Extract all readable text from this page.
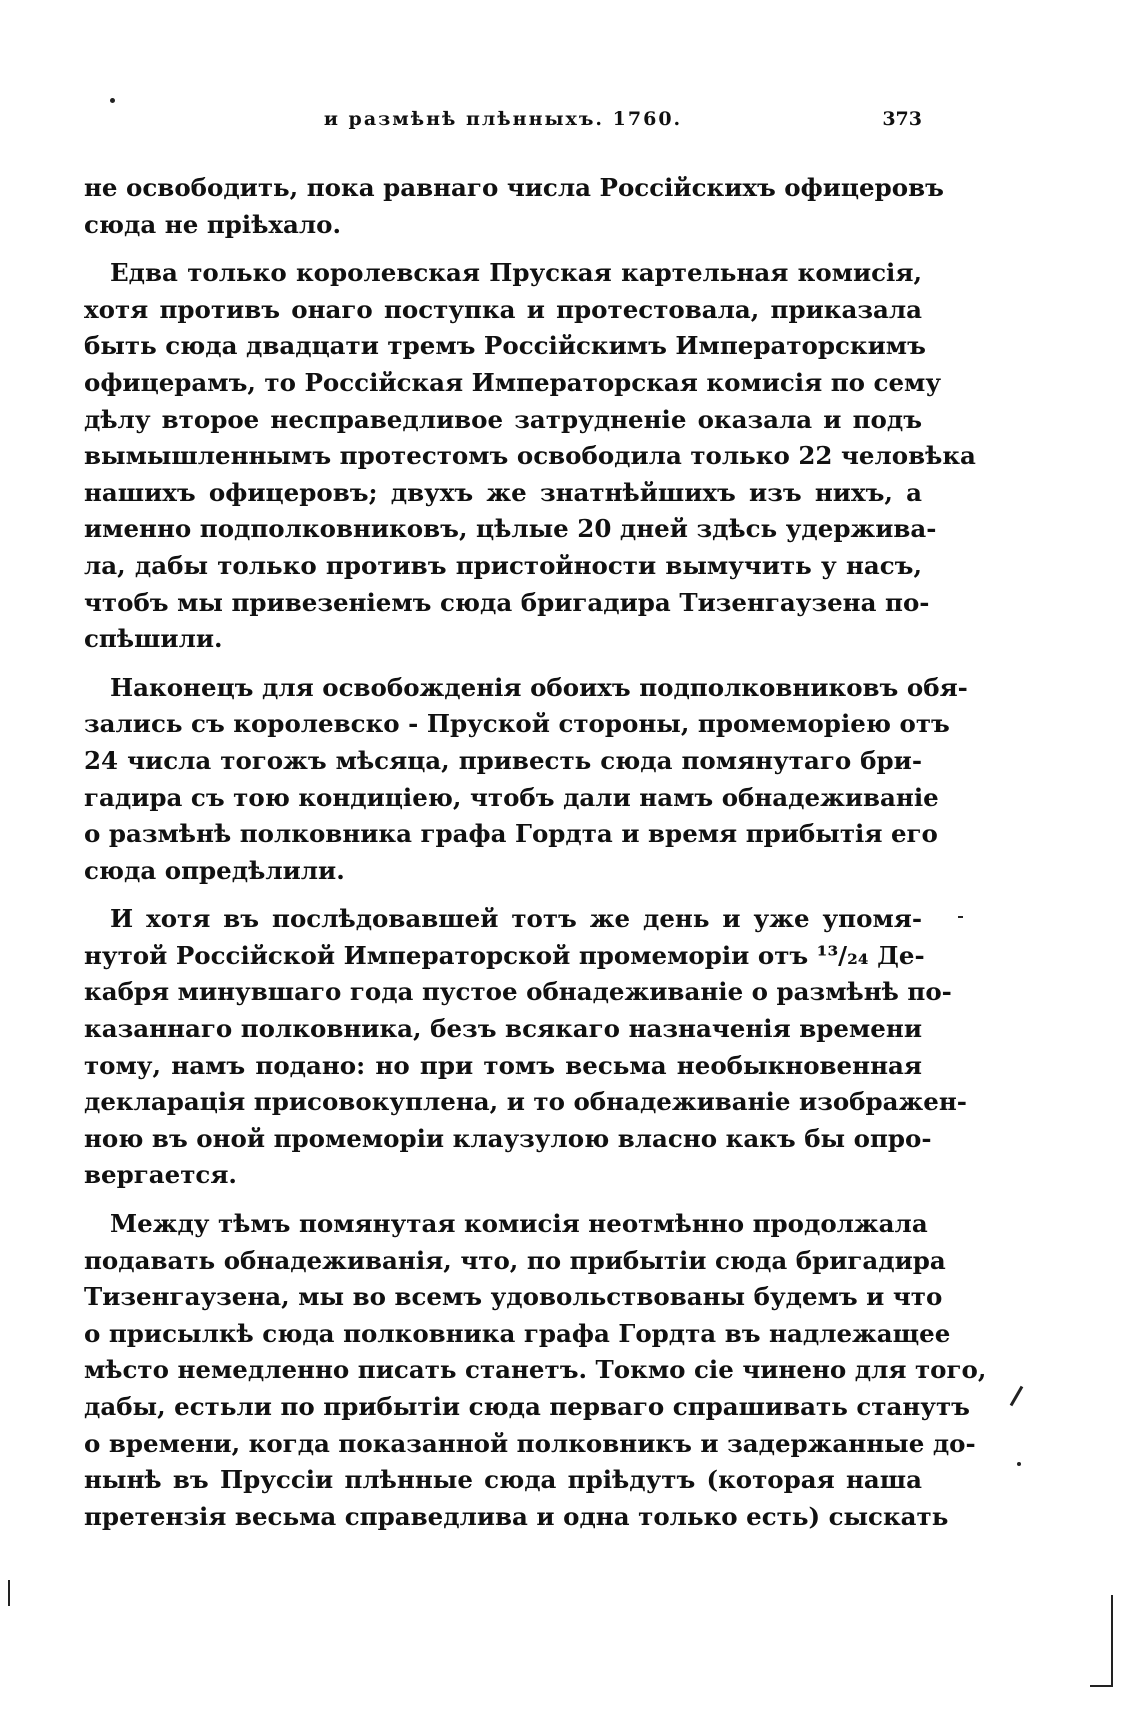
и размѣнѣ плѣнныхъ. 1760.	373
не освободить, пока равнаго числа Россійскихъ офицеровъ
сюда не пріѣхало.
Едва только королевская Пруская картельная комисія,
хотя противъ онаго поступка и протестовала, приказала
быть сюда двадцати тремъ Россійскимъ Императорскимъ
офицерамъ, то Россійская Императорская комисія по сему
дѣлу второе несправедливое затрудненіе оказала и подъ
вымышленнымъ протестомъ освободила только 22 человѣка
нашихъ офицеровъ; двухъ же знатнѣйшихъ изъ нихъ, а
именно подполковниковъ, цѣлые 20 дней здѣсь удержива-
ла, дабы только противъ пристойности вымучить у насъ,
чтобъ мы привезеніемъ сюда бригадира Тизенгаузена по-
спѣшили.
Наконецъ для освобожденія обоихъ подполковниковъ обя-
зались съ королевско - Пруской стороны, промеморіею отъ
24 числа тогожъ мѣсяца, привесть сюда помянутаго бри-
гадира съ тою кондиціею, чтобъ дали намъ обнадеживаніе
о размѣнѣ полковника графа Гордта и время прибытія его
сюда опредѣлили.
И хотя въ послѣдовавшей тотъ же день и уже упомя-
нутой Россійской Императорской промеморіи отъ ¹³/₂₄ Де-
кабря минувшаго года пустое обнадеживаніе о размѣнѣ по-
казаннаго полковника, безъ всякаго назначенія времени
тому, намъ подано: но при томъ весьма необыкновенная
декларація присовокуплена, и то обнадеживаніе изображен-
ною въ оной промеморіи клаузулою власно какъ бы опро-
вергается.
Между тѣмъ помянутая комисія неотмѣнно продолжала
подавать обнадеживанія, что, по прибытіи сюда бригадира
Тизенгаузена, мы во всемъ удовольствованы будемъ и что
о присылкѣ сюда полковника графа Гордта въ надлежащее
мѣсто немедленно писать станетъ. Токмо сіе чинено для того,
дабы, естьли по прибытіи сюда перваго спрашивать станутъ
о времени, когда показанной полковникъ и задержанные до-
нынѣ въ Пруссіи плѣнные сюда пріѣдутъ (которая наша
претензія весьма справедлива и одна только есть) сыскать
